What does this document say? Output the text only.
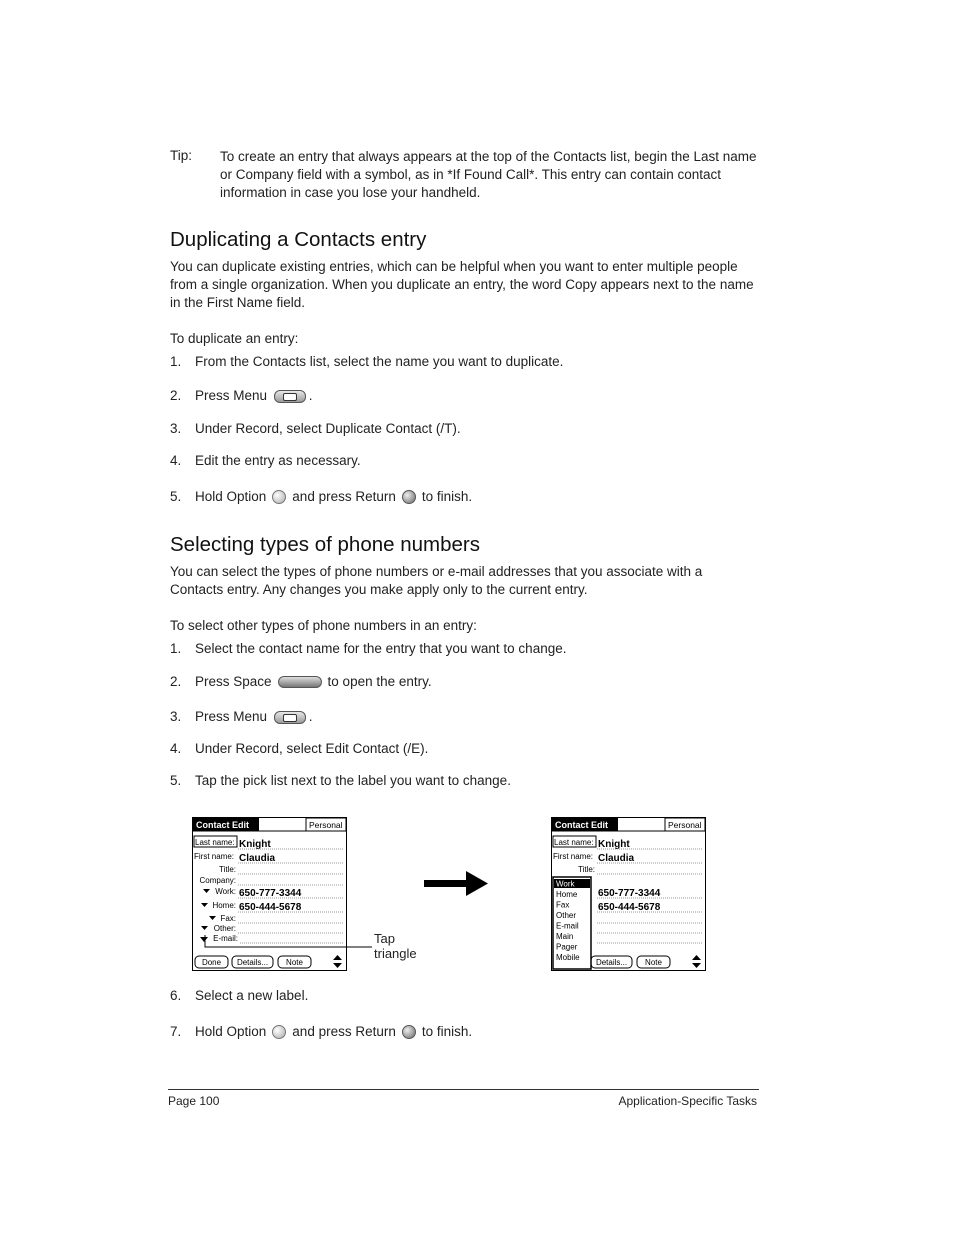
Tip: To create an entry that always appears at the top of the Contacts list, begin the Last name or Company field with a symbol, as in *If Found Call*. This entry can contain contact information in case you lose your handheld.
Duplicating a Contacts entry
You can duplicate existing entries, which can be helpful when you want to enter multiple people from a single organization. When you duplicate an entry, the word Copy appears next to the name in the First Name field.
To duplicate an entry:
1. From the Contacts list, select the name you want to duplicate.
2. Press Menu	.
3. Under Record, select Duplicate Contact (/T).
4. Edit the entry as necessary.
5. Hold Option and press Return to finish.
Selecting types of phone numbers
You can select the types of phone numbers or e-mail addresses that you associate with a Contacts entry. Any changes you make apply only to the current entry.
To select other types of phone numbers in an entry:
1. Select the contact name for the entry that you want to change.
2. Press Space	to open the entry.
3. Press Menu	.
4. Under Record, select Edit Contact (/E).
5. Tap the pick list next to the label you want to change.
Contact Edit	Personal
Last name: Knight
First name: Claudia
Title:
Company:
Work: 650-777-3344
Home: 650-444-5678
Fax:
Other:
E-mail:
Done Details... Note
Tap
triangle
Contact Edit	Personal
Last name: Knight
First name: Claudia
Title:
650-777-3344
650-444-5678
Details... Note
Work
Home
Fax
Other
E-mail
Main
Pager
Mobile
6. Select a new label.
7. Hold Option and press Return to finish.
Page 100	Application-Specific Tasks
